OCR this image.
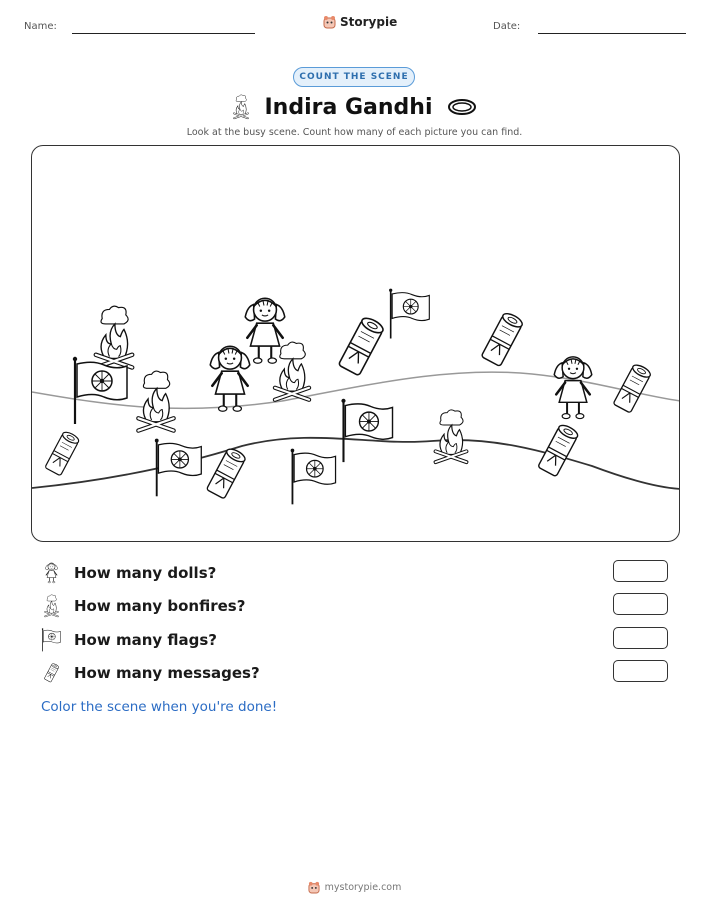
Name:	Storypie	Date:
COUNT THE SCENE
Indira Gandhi
Look at the busy scene. Count how many of each picture you can find.
How many dolls?
How many bonfires?
How many flags?
How many messages?
Color the scene when you're done!
mystorypie.com
